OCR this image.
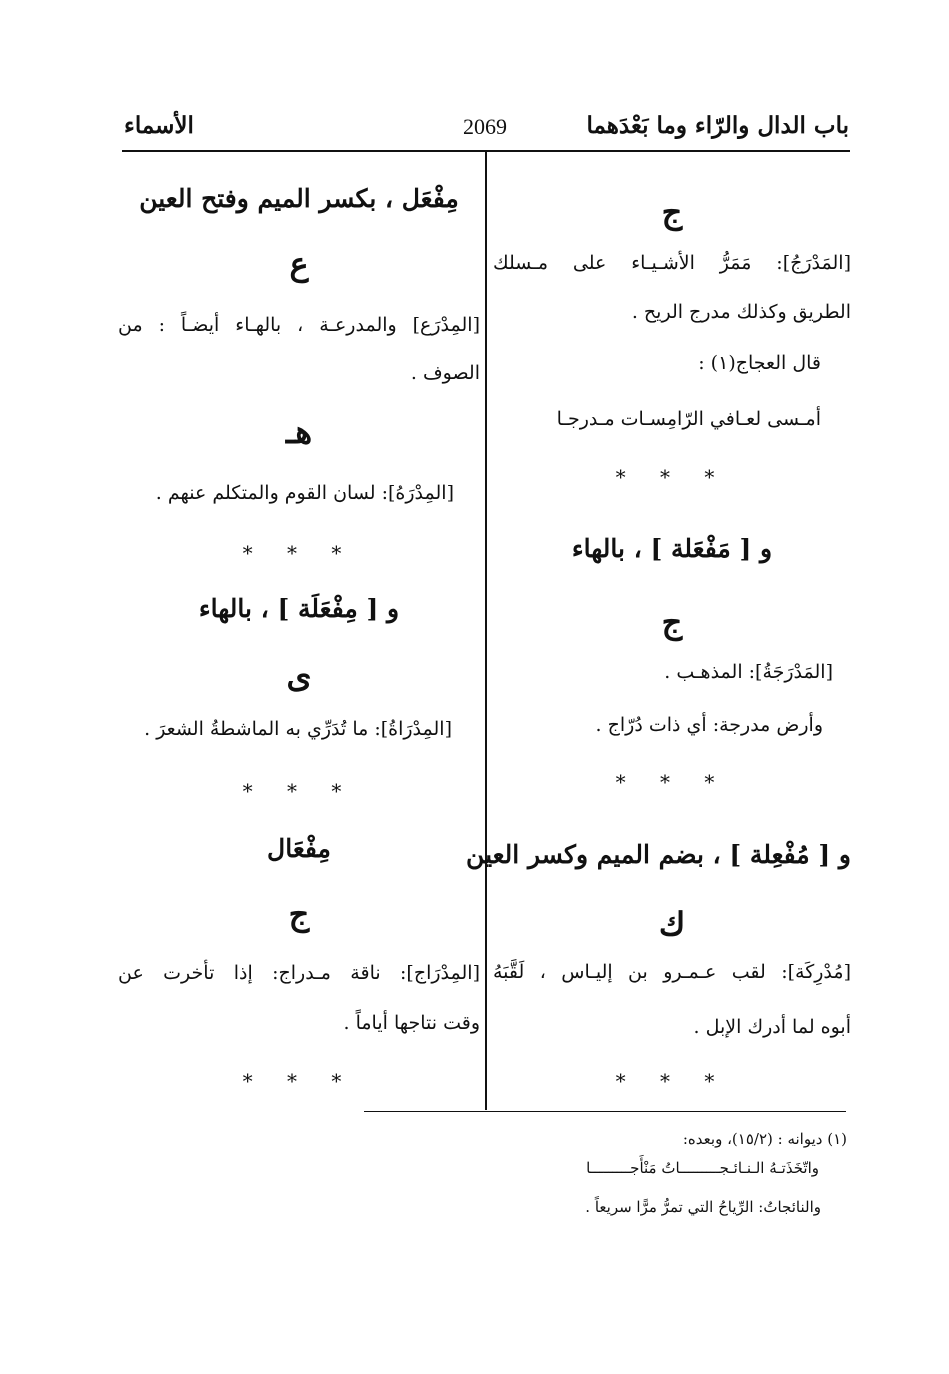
باب الدال والرّاء وما بَعْدَهما
2069
الأسماء
ج
[المَدْرَجُ]: مَمَرُّ الأشـيـاء على مـسلك
الطريق وكذلك مدرج الريح .
قال العجاج(١) :
أمـسى لعـافي الرّامِسـات مـدرجـا
* * *
و [ مَفْعَلة ] ، بالهاء
ج
[المَدْرَجَةُ]: المذهـب .
وأرض مدرجة: أي ذات دُرّاج .
* * *
و [ مُفْعِلة ] ، بضم الميم وكسر العين
ك
[مُدْرِكَة]: لقب عـمـرو بن إليـاس ، لَقَّبَهُ
أبوه لما أدرك الإبل .
* * *
مِفْعَل ، بكسر الميم وفتح العين
ع
[المِدْرَع] والمدرعـة ، بالهـاء أيضـاً : من
الصوف .
هـ
[المِدْرَهُ]: لسان القوم والمتكلم عنهم .
* * *
و [ مِفْعَلَة ] ، بالهاء
ى
[المِدْرَاةُ]: ما تُدَرِّي به الماشطةُ الشعرَ .
* * *
مِفْعَال
ج
[المِدْرَاج]: ناقة مـدراج: إذا تأخرت عن
وقت نتاجها أياماً .
* * *
(١) ديوانه : (١٥/٢)، وبعده:
واتّخَذَتـهُ الـنـائـجـــــــــاتُ مَنْأَجـــــــــا
والنائجاتُ: الرِّياحُ التي تمرُّ مرًّا سريعاً .
